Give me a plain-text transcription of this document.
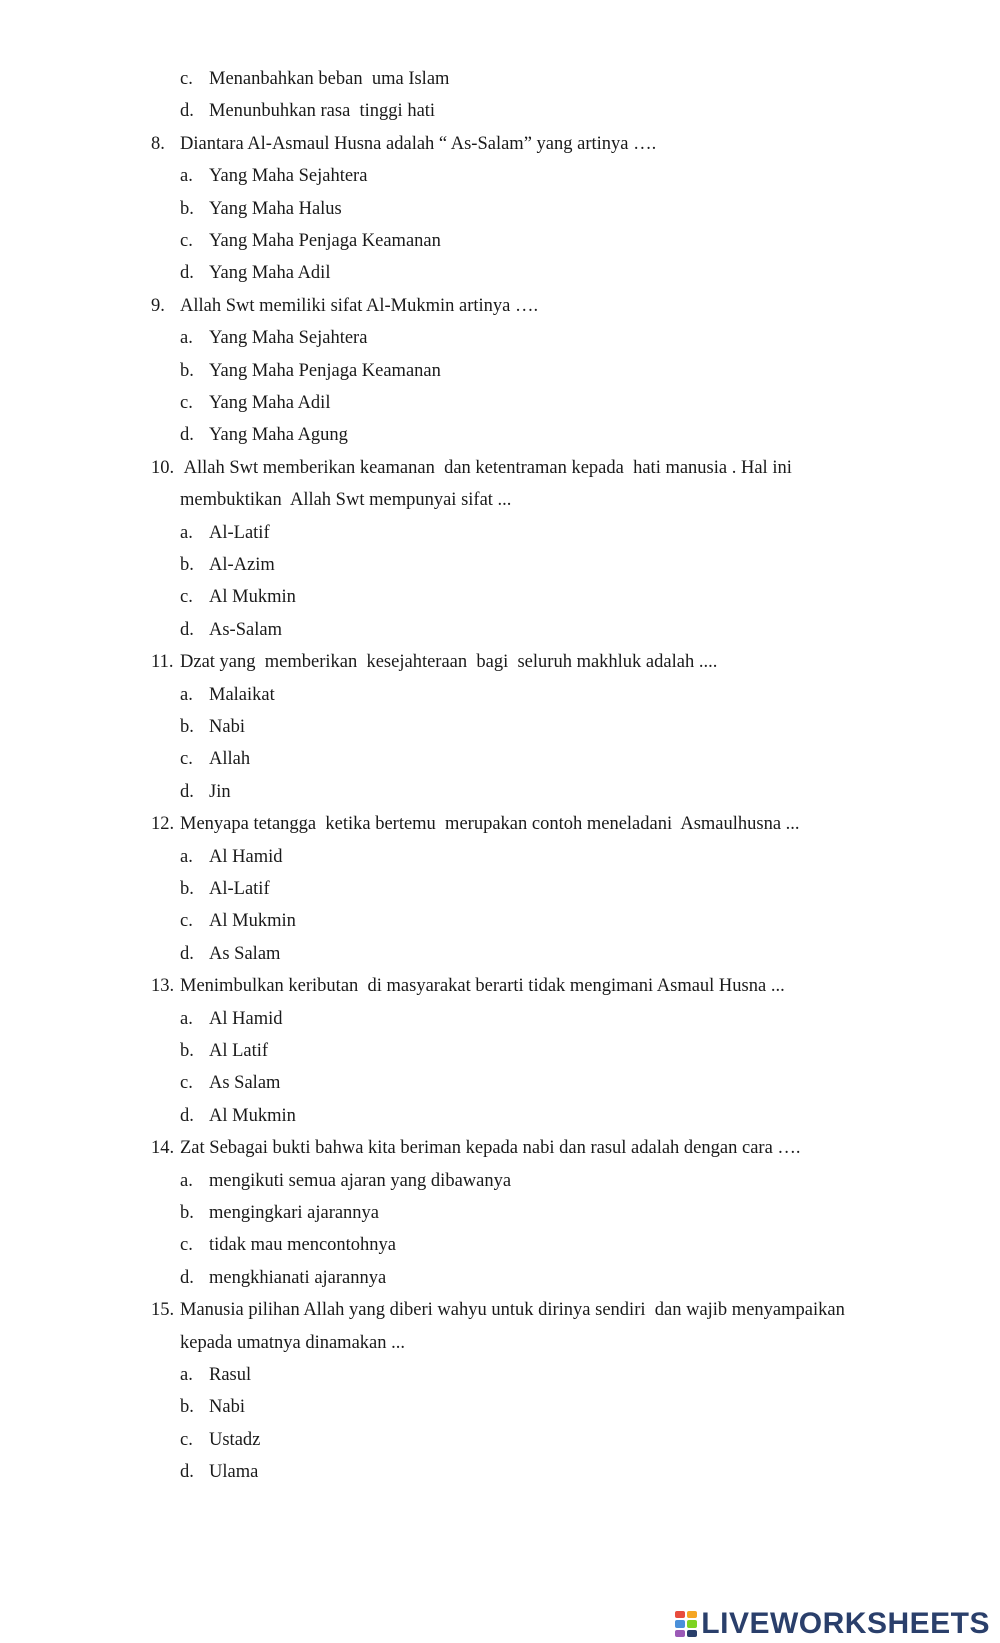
c. Menanbahkan beban  uma Islam
d. Menunbuhkan rasa  tinggi hati
8. Diantara Al-Asmaul Husna adalah “ As-Salam” yang artinya ….
a. Yang Maha Sejahtera
b. Yang Maha Halus
c. Yang Maha Penjaga Keamanan
d. Yang Maha Adil
9. Allah Swt memiliki sifat Al-Mukmin artinya ….
a. Yang Maha Sejahtera
b. Yang Maha Penjaga Keamanan
c. Yang Maha Adil
d. Yang Maha Agung
10. Allah Swt memberikan keamanan  dan ketentraman kepada  hati manusia . Hal ini
membuktikan  Allah Swt mempunyai sifat ...
a. Al-Latif
b. Al-Azim
c. Al Mukmin
d. As-Salam
11. Dzat yang  memberikan  kesejahteraan  bagi  seluruh makhluk adalah ....
a. Malaikat
b. Nabi
c. Allah
d. Jin
12. Menyapa tetangga  ketika bertemu  merupakan contoh meneladani  Asmaulhusna ...
a. Al Hamid
b. Al-Latif
c. Al Mukmin
d. As Salam
13. Menimbulkan keributan  di masyarakat berarti tidak mengimani Asmaul Husna ...
a. Al Hamid
b. Al Latif
c. As Salam
d. Al Mukmin
14. Zat Sebagai bukti bahwa kita beriman kepada nabi dan rasul adalah dengan cara ….
a. mengikuti semua ajaran yang dibawanya
b. mengingkari ajarannya
c. tidak mau mencontohnya
d. mengkhianati ajarannya
15. Manusia pilihan Allah yang diberi wahyu untuk dirinya sendiri  dan wajib menyampaikan
kepada umatnya dinamakan ...
a. Rasul
b. Nabi
c. Ustadz
d. Ulama
LIVEWORKSHEETS
